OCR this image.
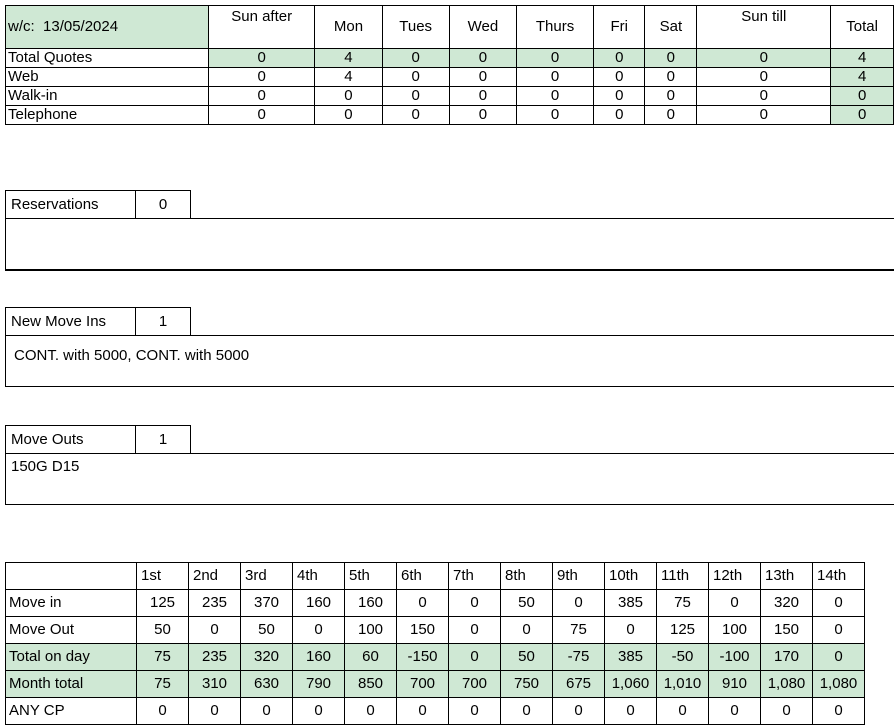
w/c: 13/05/2024	Sun after	Mon	Tues	Wed	Thurs	Fri	Sat	Sun till	Total
Total Quotes	0	4	0	0	0	0	0	0	4
Web	0	4	0	0	0	0	0	0	4
Walk-in	0	0	0	0	0	0	0	0	0
Telephone	0	0	0	0	0	0	0	0	0
Reservations	0
New Move Ins	1
CONT. with 5000, CONT. with 5000
Move Outs	1
150G D15
	1st	2nd	3rd	4th	5th	6th	7th	8th	9th	10th	11th	12th	13th	14th
Move in	125	235	370	160	160	0	0	50	0	385	75	0	320	0
Move Out	50	0	50	0	100	150	0	0	75	0	125	100	150	0
Total on day	75	235	320	160	60	-150	0	50	-75	385	-50	-100	170	0
Month total	75	310	630	790	850	700	700	750	675	1,060	1,010	910	1,080	1,080
ANY CP	0	0	0	0	0	0	0	0	0	0	0	0	0	0
